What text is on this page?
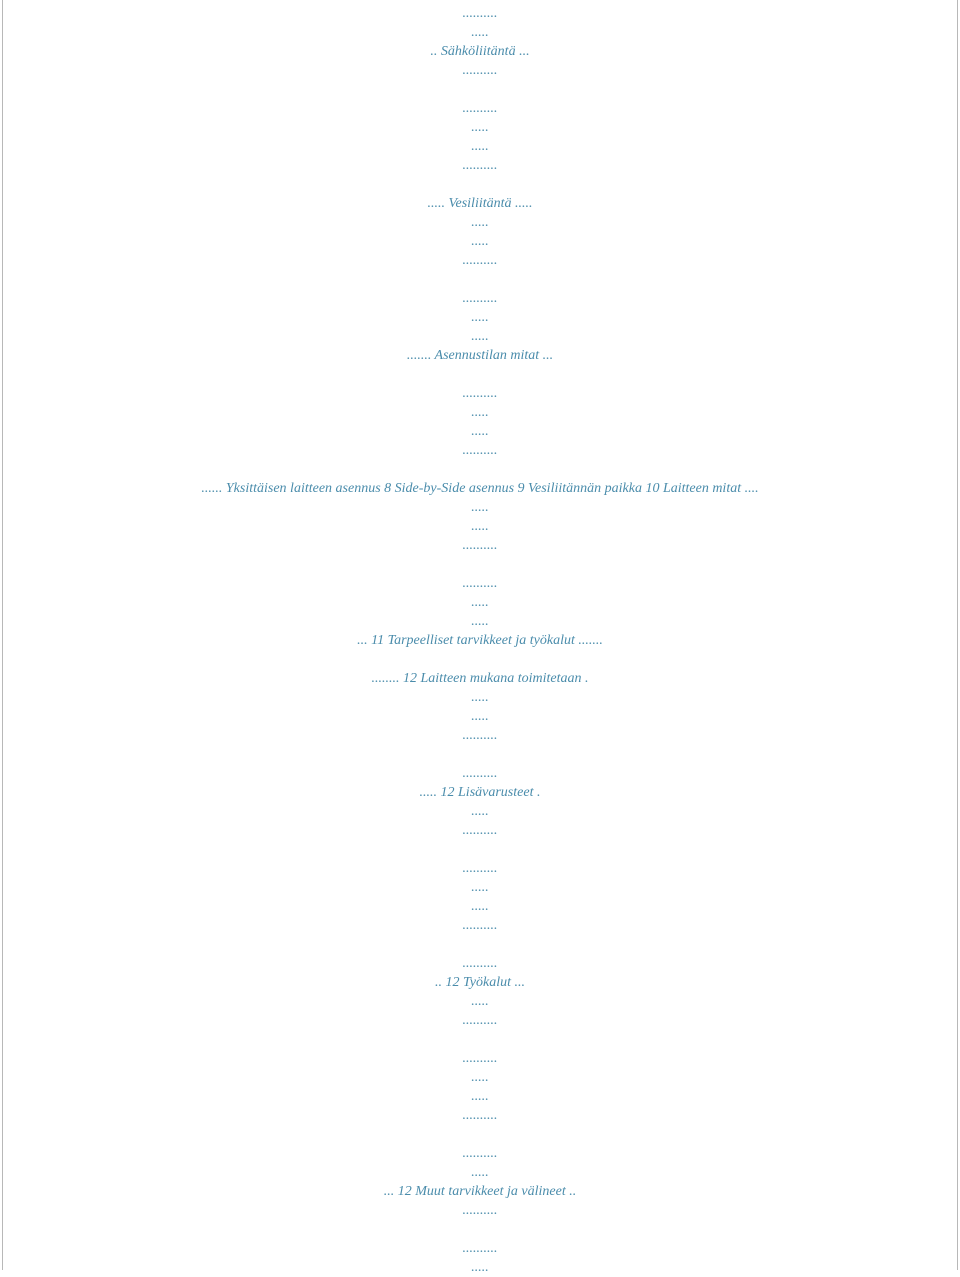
..........
.....
.. Sähköliitäntä ...
..........
..........
.....
.....
..........
..... Vesiliitäntä .....
.....
.....
..........
..........
.....
.....
....... Asennustilan mitat ...
..........
.....
.....
..........
...... Yksittäisen laitteen asennus 8 Side-by-Side asennus 9 Vesiliitännän paikka 10 Laitteen mitat ....
.....
.....
..........
..........
.....
.....
... 11 Tarpeelliset tarvikkeet ja työkalut .......
........ 12 Laitteen mukana toimitetaan .
.....
.....
..........
..........
..... 12 Lisävarusteet .
.....
..........
..........
.....
.....
..........
..........
.. 12 Työkalut ...
.....
..........
..........
.....
.....
..........
..........
.....
... 12 Muut tarvikkeet ja välineet ..
..........
..........
.....
